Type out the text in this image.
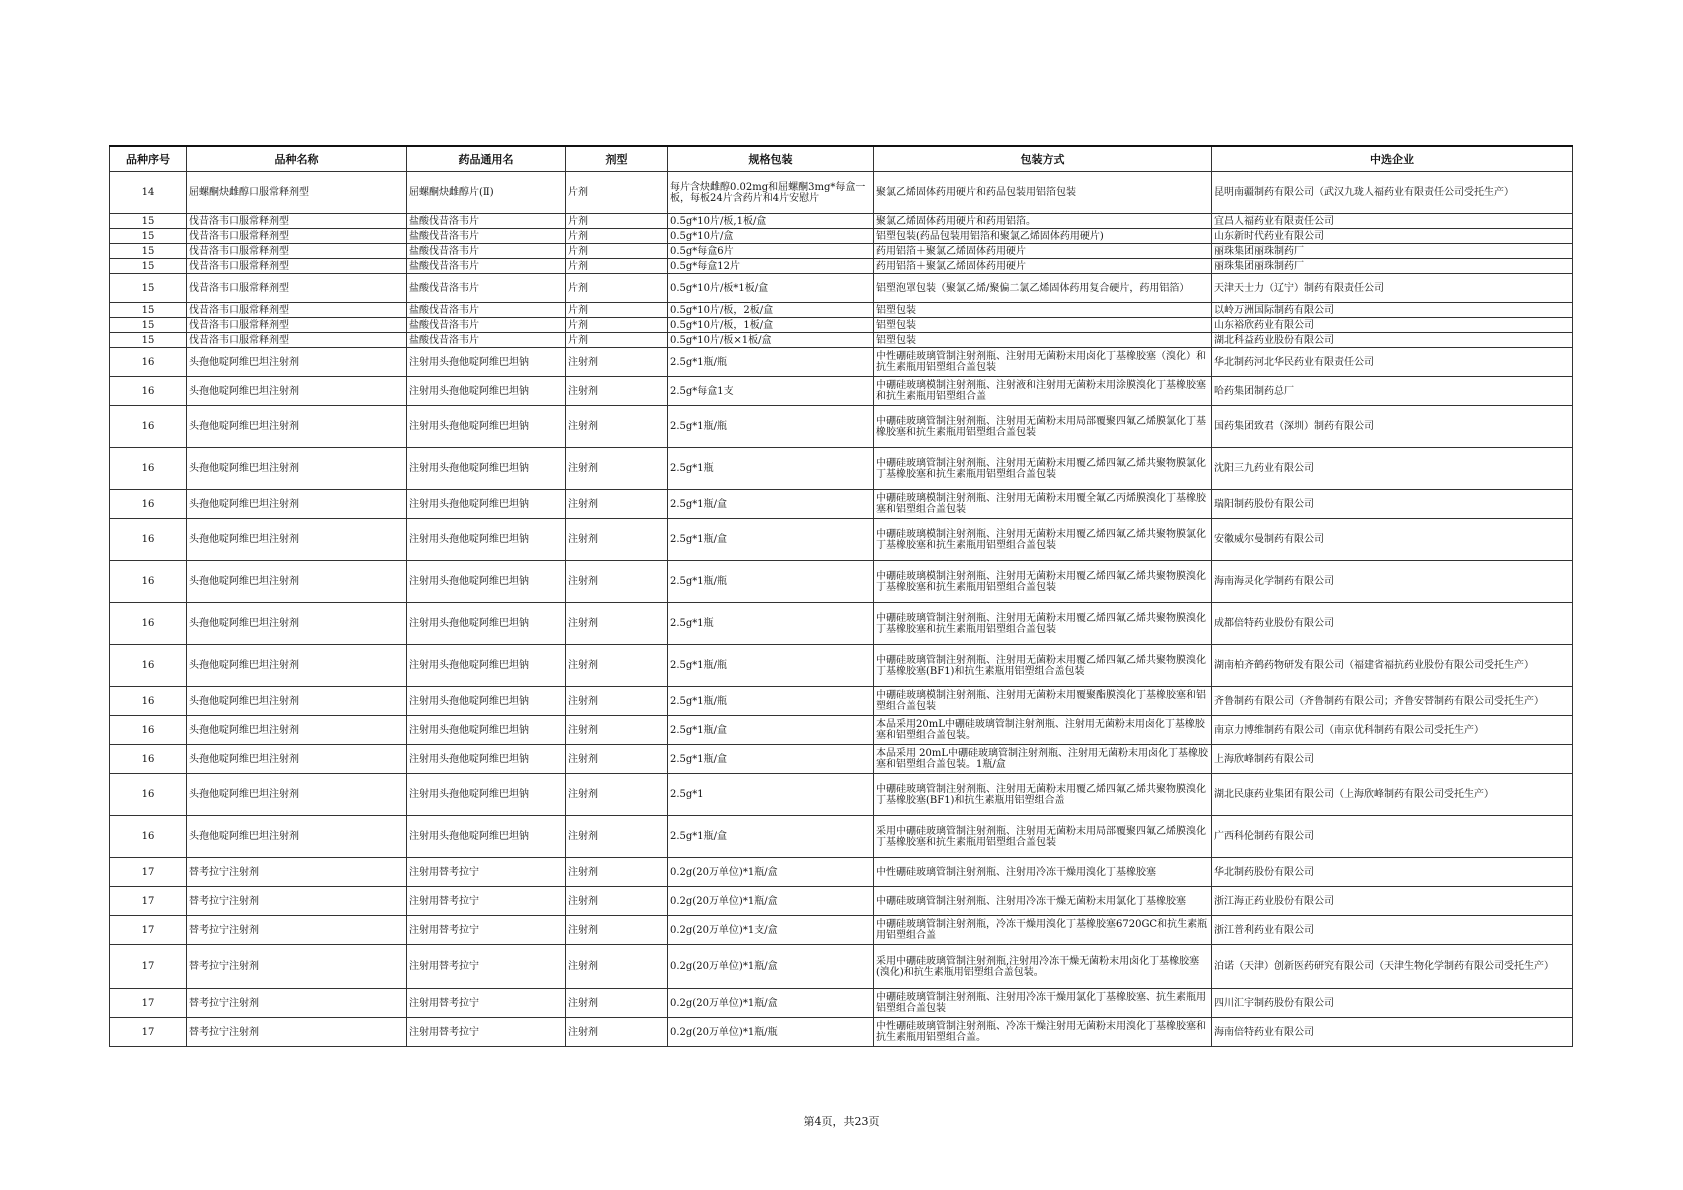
品种序号	品种名称	药品通用名	剂型	规格包装	包装方式	中选企业
14	屈螺酮炔雌醇口服常释剂型	屈螺酮炔雌醇片(Ⅱ)	片剂	每片含炔雌醇0.02mg和屈螺酮3mg*每盒一板，每板24片含药片和4片安慰片	聚氯乙烯固体药用硬片和药品包装用铝箔包装	昆明南疆制药有限公司（武汉九珑人福药业有限责任公司受托生产）
15	伐昔洛韦口服常释剂型	盐酸伐昔洛韦片	片剂	0.5g*10片/板,1板/盒	聚氯乙烯固体药用硬片和药用铝箔。	宜昌人福药业有限责任公司
15	伐昔洛韦口服常释剂型	盐酸伐昔洛韦片	片剂	0.5g*10片/盒	铝塑包装(药品包装用铝箔和聚氯乙烯固体药用硬片)	山东新时代药业有限公司
15	伐昔洛韦口服常释剂型	盐酸伐昔洛韦片	片剂	0.5g*每盒6片	药用铝箔＋聚氯乙烯固体药用硬片	丽珠集团丽珠制药厂
15	伐昔洛韦口服常释剂型	盐酸伐昔洛韦片	片剂	0.5g*每盒12片	药用铝箔＋聚氯乙烯固体药用硬片	丽珠集团丽珠制药厂
15	伐昔洛韦口服常释剂型	盐酸伐昔洛韦片	片剂	0.5g*10片/板*1板/盒	铝塑泡罩包装（聚氯乙烯/聚偏二氯乙烯固体药用复合硬片，药用铝箔）	天津天士力（辽宁）制药有限责任公司
15	伐昔洛韦口服常释剂型	盐酸伐昔洛韦片	片剂	0.5g*10片/板，2板/盒	铝塑包装	以岭万洲国际制药有限公司
15	伐昔洛韦口服常释剂型	盐酸伐昔洛韦片	片剂	0.5g*10片/板，1板/盒	铝塑包装	山东裕欣药业有限公司
15	伐昔洛韦口服常释剂型	盐酸伐昔洛韦片	片剂	0.5g*10片/板×1板/盒	铝塑包装	湖北科益药业股份有限公司
16	头孢他啶阿维巴坦注射剂	注射用头孢他啶阿维巴坦钠	注射剂	2.5g*1瓶/瓶	中性硼硅玻璃管制注射剂瓶、注射用无菌粉末用卤化丁基橡胶塞（溴化）和抗生素瓶用铝塑组合盖包装	华北制药河北华民药业有限责任公司
16	头孢他啶阿维巴坦注射剂	注射用头孢他啶阿维巴坦钠	注射剂	2.5g*每盒1支	中硼硅玻璃模制注射剂瓶、注射液和注射用无菌粉末用涂膜溴化丁基橡胶塞和抗生素瓶用铝塑组合盖	哈药集团制药总厂
16	头孢他啶阿维巴坦注射剂	注射用头孢他啶阿维巴坦钠	注射剂	2.5g*1瓶/瓶	中硼硅玻璃管制注射剂瓶、注射用无菌粉末用局部覆聚四氟乙烯膜氯化丁基橡胶塞和抗生素瓶用铝塑组合盖包装	国药集团致君（深圳）制药有限公司
16	头孢他啶阿维巴坦注射剂	注射用头孢他啶阿维巴坦钠	注射剂	2.5g*1瓶	中硼硅玻璃管制注射剂瓶、注射用无菌粉末用覆乙烯四氟乙烯共聚物膜氯化丁基橡胶塞和抗生素瓶用铝塑组合盖包装	沈阳三九药业有限公司
16	头孢他啶阿维巴坦注射剂	注射用头孢他啶阿维巴坦钠	注射剂	2.5g*1瓶/盒	中硼硅玻璃模制注射剂瓶、注射用无菌粉末用覆全氟乙丙烯膜溴化丁基橡胶塞和铝塑组合盖包装	瑞阳制药股份有限公司
16	头孢他啶阿维巴坦注射剂	注射用头孢他啶阿维巴坦钠	注射剂	2.5g*1瓶/盒	中硼硅玻璃模制注射剂瓶、注射用无菌粉末用覆乙烯四氟乙烯共聚物膜氯化丁基橡胶塞和抗生素瓶用铝塑组合盖包装	安徽威尔曼制药有限公司
16	头孢他啶阿维巴坦注射剂	注射用头孢他啶阿维巴坦钠	注射剂	2.5g*1瓶/瓶	中硼硅玻璃模制注射剂瓶、注射用无菌粉末用覆乙烯四氟乙烯共聚物膜溴化丁基橡胶塞和抗生素瓶用铝塑组合盖包装	海南海灵化学制药有限公司
16	头孢他啶阿维巴坦注射剂	注射用头孢他啶阿维巴坦钠	注射剂	2.5g*1瓶	中硼硅玻璃管制注射剂瓶、注射用无菌粉末用覆乙烯四氟乙烯共聚物膜溴化丁基橡胶塞和抗生素瓶用铝塑组合盖包装	成都倍特药业股份有限公司
16	头孢他啶阿维巴坦注射剂	注射用头孢他啶阿维巴坦钠	注射剂	2.5g*1瓶/瓶	中硼硅玻璃管制注射剂瓶、注射用无菌粉末用覆乙烯四氟乙烯共聚物膜溴化丁基橡胶塞(BF1)和抗生素瓶用铝塑组合盖包装	湖南柏齐鹤药物研发有限公司（福建省福抗药业股份有限公司受托生产）
16	头孢他啶阿维巴坦注射剂	注射用头孢他啶阿维巴坦钠	注射剂	2.5g*1瓶/瓶	中硼硅玻璃模制注射剂瓶、注射用无菌粉末用覆聚酯膜溴化丁基橡胶塞和铝塑组合盖包装	齐鲁制药有限公司（齐鲁制药有限公司；齐鲁安替制药有限公司受托生产）
16	头孢他啶阿维巴坦注射剂	注射用头孢他啶阿维巴坦钠	注射剂	2.5g*1瓶/盒	本品采用20mL中硼硅玻璃管制注射剂瓶、注射用无菌粉末用卤化丁基橡胶塞和铝塑组合盖包装。	南京力博维制药有限公司（南京优科制药有限公司受托生产）
16	头孢他啶阿维巴坦注射剂	注射用头孢他啶阿维巴坦钠	注射剂	2.5g*1瓶/盒	本品采用 20mL中硼硅玻璃管制注射剂瓶、注射用无菌粉末用卤化丁基橡胶塞和铝塑组合盖包装。1瓶/盒	上海欣峰制药有限公司
16	头孢他啶阿维巴坦注射剂	注射用头孢他啶阿维巴坦钠	注射剂	2.5g*1	中硼硅玻璃管制注射剂瓶、注射用无菌粉末用覆乙烯四氟乙烯共聚物膜溴化丁基橡胶塞(BF1)和抗生素瓶用铝塑组合盖	湖北民康药业集团有限公司（上海欣峰制药有限公司受托生产）
16	头孢他啶阿维巴坦注射剂	注射用头孢他啶阿维巴坦钠	注射剂	2.5g*1瓶/盒	采用中硼硅玻璃管制注射剂瓶、注射用无菌粉末用局部覆聚四氟乙烯膜溴化丁基橡胶塞和抗生素瓶用铝塑组合盖包装	广西科伦制药有限公司
17	替考拉宁注射剂	注射用替考拉宁	注射剂	0.2g(20万单位)*1瓶/盒	中性硼硅玻璃管制注射剂瓶、注射用冷冻干燥用溴化丁基橡胶塞	华北制药股份有限公司
17	替考拉宁注射剂	注射用替考拉宁	注射剂	0.2g(20万单位)*1瓶/盒	中硼硅玻璃管制注射剂瓶、注射用冷冻干燥无菌粉末用氯化丁基橡胶塞	浙江海正药业股份有限公司
17	替考拉宁注射剂	注射用替考拉宁	注射剂	0.2g(20万单位)*1支/盒	中硼硅玻璃管制注射剂瓶，冷冻干燥用溴化丁基橡胶塞6720GC和抗生素瓶用铝塑组合盖	浙江普利药业有限公司
17	替考拉宁注射剂	注射用替考拉宁	注射剂	0.2g(20万单位)*1瓶/盒	采用中硼硅玻璃管制注射剂瓶,注射用冷冻干燥无菌粉末用卤化丁基橡胶塞(溴化)和抗生素瓶用铝塑组合盖包装。	泊诺（天津）创新医药研究有限公司（天津生物化学制药有限公司受托生产）
17	替考拉宁注射剂	注射用替考拉宁	注射剂	0.2g(20万单位)*1瓶/盒	中硼硅玻璃管制注射剂瓶、注射用冷冻干燥用氯化丁基橡胶塞、抗生素瓶用铝塑组合盖包装	四川汇宇制药股份有限公司
17	替考拉宁注射剂	注射用替考拉宁	注射剂	0.2g(20万单位)*1瓶/瓶	中性硼硅玻璃管制注射剂瓶、冷冻干燥注射用无菌粉末用溴化丁基橡胶塞和抗生素瓶用铝塑组合盖。	海南倍特药业有限公司
第4页，共23页
